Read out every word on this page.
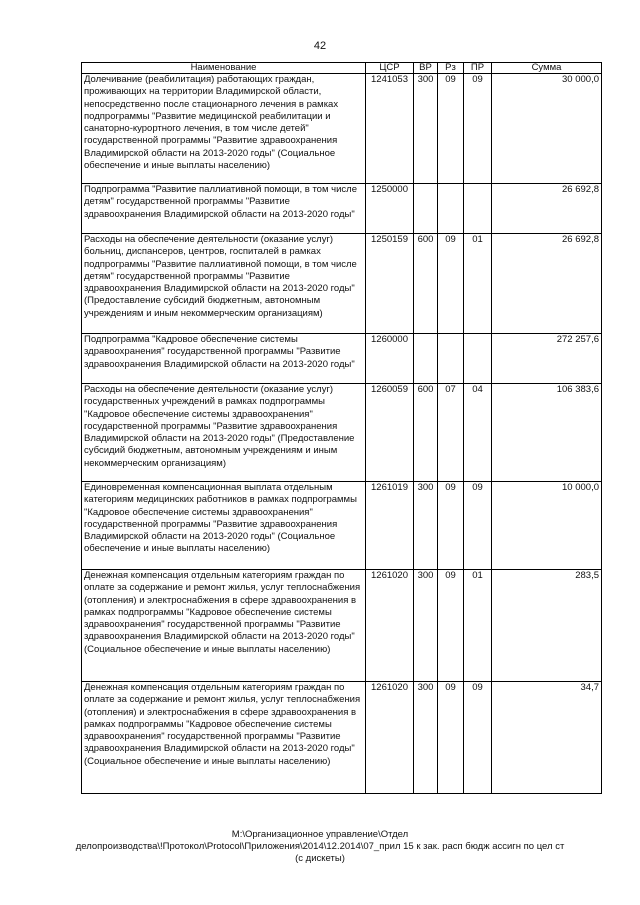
42
Наименование	ЦСР	ВР	Рз	ПР	Сумма
Долечивание (реабилитация) работающих граждан, проживающих на территории Владимирской области, непосредственно после стационарного лечения в рамках подпрограммы "Развитие медицинской реабилитации и санаторно-курортного лечения, в том числе детей" государственной программы "Развитие здравоохранения Владимирской области на 2013-2020 годы" (Социальное обеспечение и иные выплаты населению)	1241053	300	09	09	30 000,0
Подпрограмма "Развитие паллиативной помощи, в том числе детям" государственной программы "Развитие здравоохранения Владимирской области на 2013-2020 годы"	1250000				26 692,8
Расходы на обеспечение деятельности (оказание услуг) больниц, диспансеров, центров, госпиталей в рамках подпрограммы "Развитие паллиативной помощи, в том числе детям" государственной программы "Развитие здравоохранения Владимирской области на 2013-2020 годы" (Предоставление субсидий бюджетным, автономным учреждениям и иным некоммерческим организациям)	1250159	600	09	01	26 692,8
Подпрограмма "Кадровое обеспечение системы здравоохранения" государственной программы "Развитие здравоохранения Владимирской области на 2013-2020 годы"	1260000				272 257,6
Расходы на обеспечение деятельности (оказание услуг) государственных учреждений в рамках подпрограммы "Кадровое обеспечение системы здравоохранения" государственной программы "Развитие здравоохранения Владимирской области на 2013-2020 годы" (Предоставление субсидий бюджетным, автономным учреждениям и иным некоммерческим организациям)	1260059	600	07	04	106 383,6
Единовременная компенсационная выплата отдельным категориям медицинских работников в рамках подпрограммы "Кадровое обеспечение системы здравоохранения" государственной программы "Развитие здравоохранения Владимирской области на 2013-2020 годы" (Социальное обеспечение и иные выплаты населению)	1261019	300	09	09	10 000,0
Денежная компенсация отдельным категориям граждан по оплате за содержание и ремонт жилья, услуг теплоснабжения (отопления) и электроснабжения в сфере здравоохранения в рамках подпрограммы "Кадровое обеспечение системы здравоохранения" государственной программы "Развитие здравоохранения Владимирской области на 2013-2020 годы" (Социальное обеспечение и иные выплаты населению)	1261020	300	09	01	283,5
Денежная компенсация отдельным категориям граждан по оплате за содержание и ремонт жилья, услуг теплоснабжения (отопления) и электроснабжения в сфере здравоохранения в рамках подпрограммы "Кадровое обеспечение системы здравоохранения" государственной программы "Развитие здравоохранения Владимирской области на 2013-2020 годы" (Социальное обеспечение и иные выплаты населению)	1261020	300	09	09	34,7
М:\Организационное управление\Отдел
делопроизводства\!Протокол\Protocol\Приложения\2014\12.2014\07_прил 15 к зак. расп бюдж ассигн по цел ст
(с дискеты)
